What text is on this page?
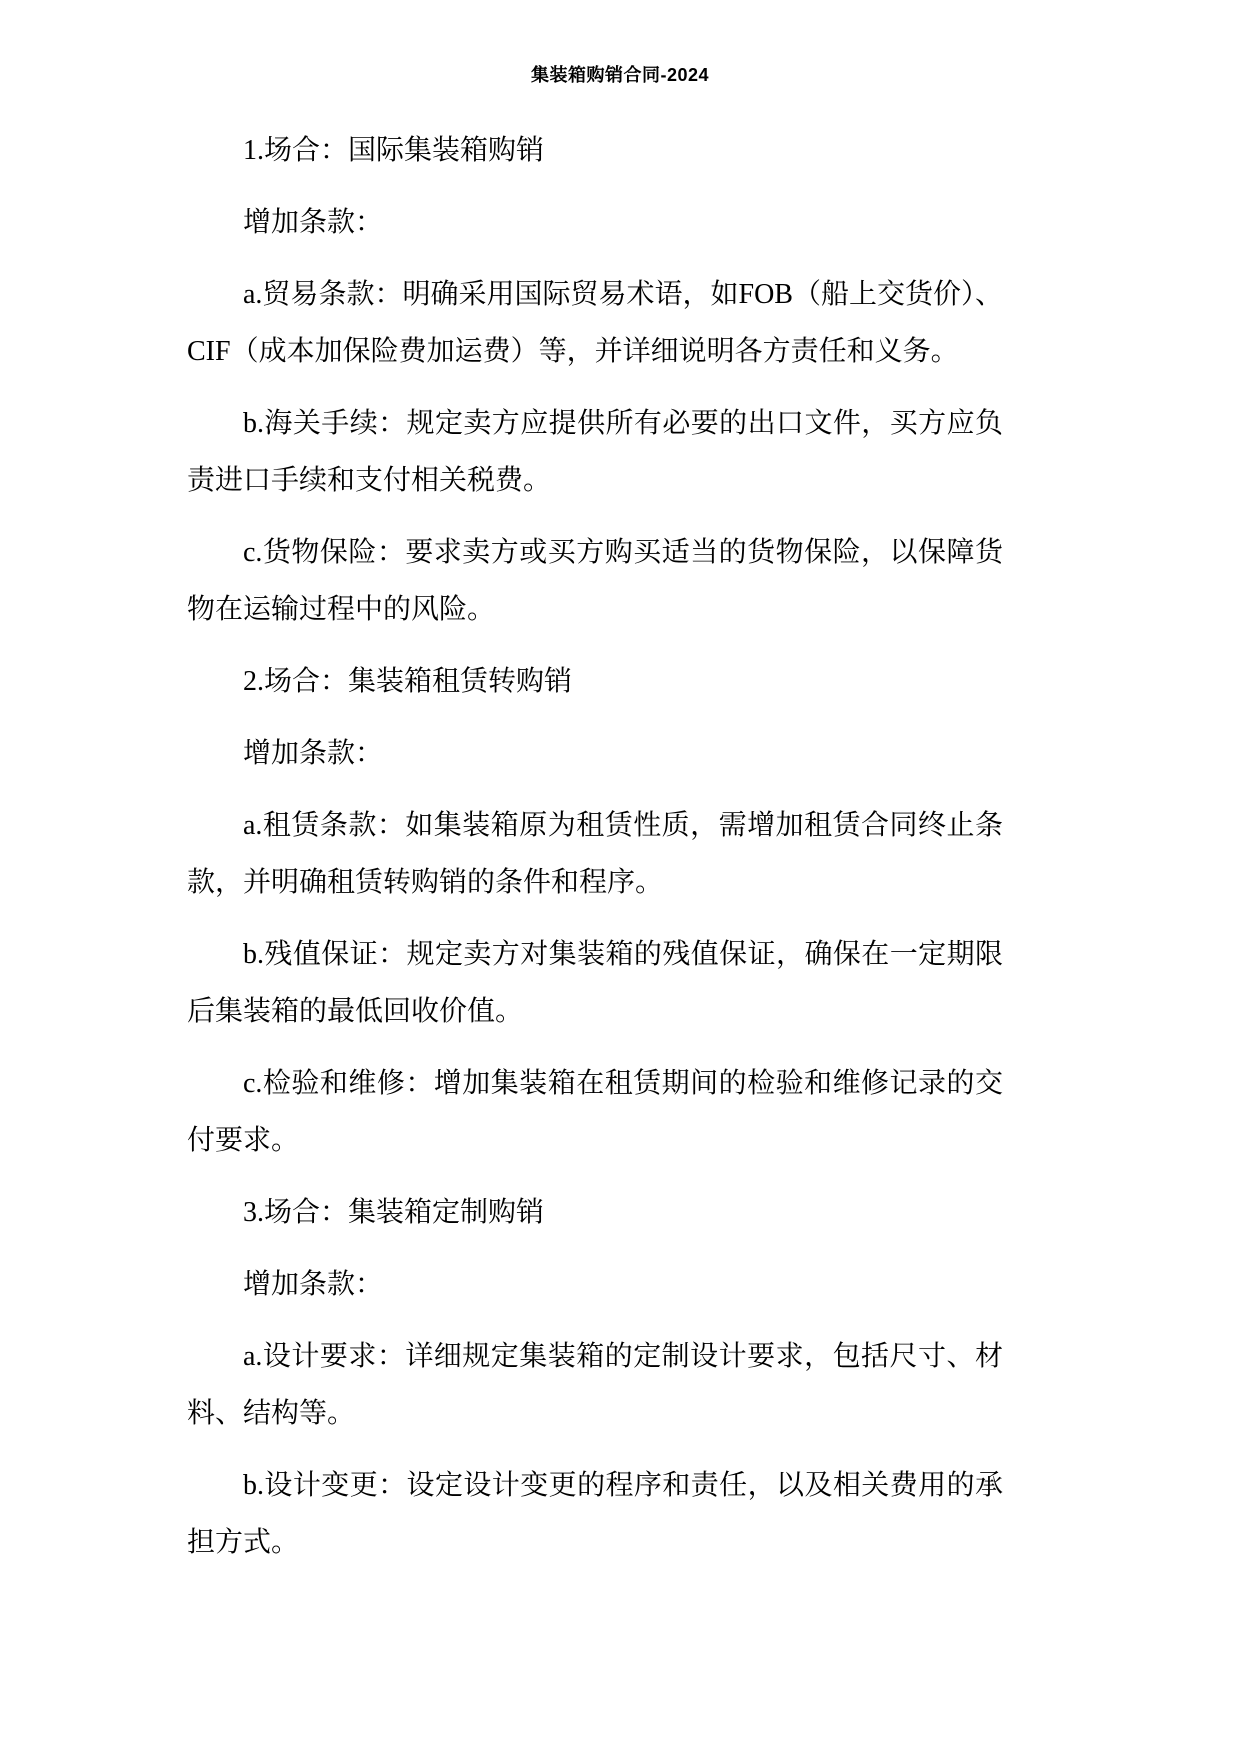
集装箱购销合同-2024
1.场合：国际集装箱购销
增加条款：
a.贸易条款：明确采用国际贸易术语，如FOB（船上交货价）、
CIF（成本加保险费加运费）等，并详细说明各方责任和义务。
b.海关手续：规定卖方应提供所有必要的出口文件，买方应负
责进口手续和支付相关税费。
c.货物保险：要求卖方或买方购买适当的货物保险，以保障货
物在运输过程中的风险。
2.场合：集装箱租赁转购销
增加条款：
a.租赁条款：如集装箱原为租赁性质，需增加租赁合同终止条
款，并明确租赁转购销的条件和程序。
b.残值保证：规定卖方对集装箱的残值保证，确保在一定期限
后集装箱的最低回收价值。
c.检验和维修：增加集装箱在租赁期间的检验和维修记录的交
付要求。
3.场合：集装箱定制购销
增加条款：
a.设计要求：详细规定集装箱的定制设计要求，包括尺寸、材
料、结构等。
b.设计变更：设定设计变更的程序和责任，以及相关费用的承
担方式。
